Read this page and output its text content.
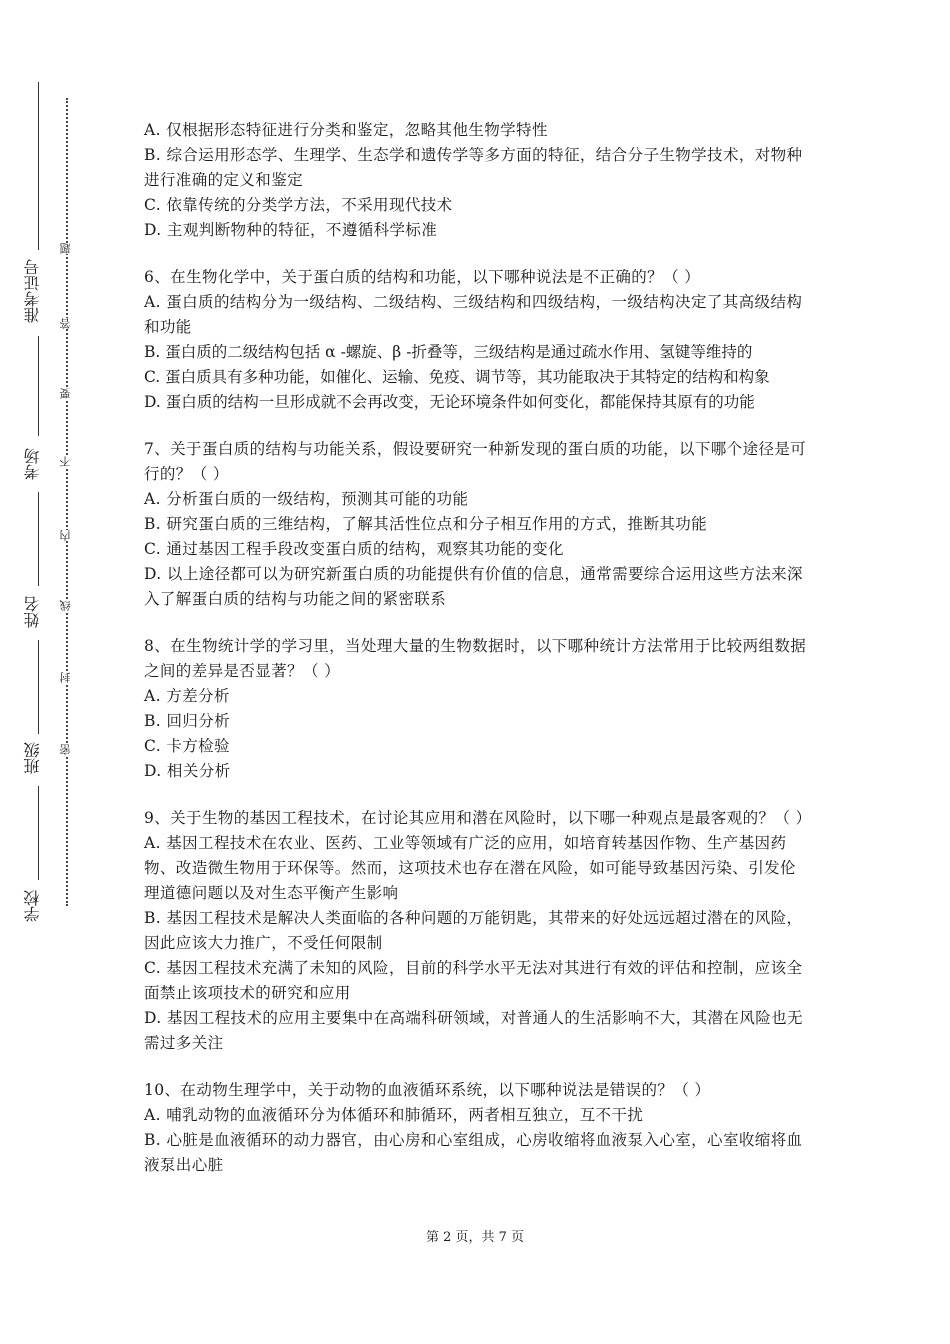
准考证号
考场
姓名
班级
学校
题
答
要
不
内
线
封
密
A. 仅根据形态特征进行分类和鉴定，忽略其他生物学特性
B. 综合运用形态学、生理学、生态学和遗传学等多方面的特征，结合分子生物学技术，对物种进行准确的定义和鉴定
C. 依靠传统的分类学方法，不采用现代技术
D. 主观判断物种的特征，不遵循科学标准
6、在生物化学中，关于蛋白质的结构和功能，以下哪种说法是不正确的？（ ）
A. 蛋白质的结构分为一级结构、二级结构、三级结构和四级结构，一级结构决定了其高级结构和功能
B. 蛋白质的二级结构包括 α -螺旋、β -折叠等，三级结构是通过疏水作用、氢键等维持的
C. 蛋白质具有多种功能，如催化、运输、免疫、调节等，其功能取决于其特定的结构和构象
D. 蛋白质的结构一旦形成就不会再改变，无论环境条件如何变化，都能保持其原有的功能
7、关于蛋白质的结构与功能关系，假设要研究一种新发现的蛋白质的功能，以下哪个途径是可行的？（ ）
A. 分析蛋白质的一级结构，预测其可能的功能
B. 研究蛋白质的三维结构，了解其活性位点和分子相互作用的方式，推断其功能
C. 通过基因工程手段改变蛋白质的结构，观察其功能的变化
D. 以上途径都可以为研究新蛋白质的功能提供有价值的信息，通常需要综合运用这些方法来深入了解蛋白质的结构与功能之间的紧密联系
8、在生物统计学的学习里，当处理大量的生物数据时，以下哪种统计方法常用于比较两组数据之间的差异是否显著？（ ）
A. 方差分析
B. 回归分析
C. 卡方检验
D. 相关分析
9、关于生物的基因工程技术，在讨论其应用和潜在风险时，以下哪一种观点是最客观的？（ ）
A. 基因工程技术在农业、医药、工业等领域有广泛的应用，如培育转基因作物、生产基因药物、改造微生物用于环保等。然而，这项技术也存在潜在风险，如可能导致基因污染、引发伦理道德问题以及对生态平衡产生影响
B. 基因工程技术是解决人类面临的各种问题的万能钥匙，其带来的好处远远超过潜在的风险，因此应该大力推广，不受任何限制
C. 基因工程技术充满了未知的风险，目前的科学水平无法对其进行有效的评估和控制，应该全面禁止该项技术的研究和应用
D. 基因工程技术的应用主要集中在高端科研领域，对普通人的生活影响不大，其潜在风险也无需过多关注
10、在动物生理学中，关于动物的血液循环系统，以下哪种说法是错误的？（ ）
A. 哺乳动物的血液循环分为体循环和肺循环，两者相互独立，互不干扰
B. 心脏是血液循环的动力器官，由心房和心室组成，心房收缩将血液泵入心室，心室收缩将血液泵出心脏
第 2 页，共 7 页
